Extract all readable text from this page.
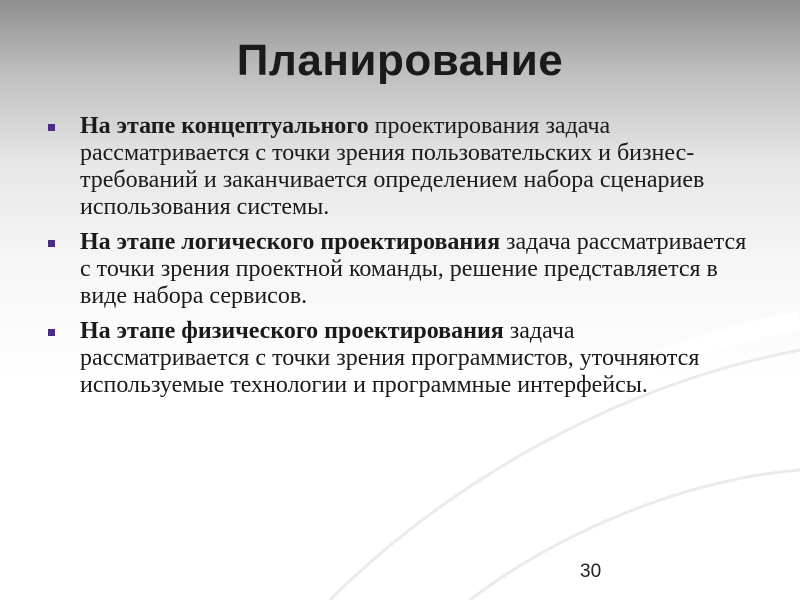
Планирование
На этапе концептуального проектирования задача рассматривается с точки зрения пользовательских и бизнес-требований и заканчивается определением набора сценариев использования системы.
На этапе логического проектирования задача рассматривается с точки зрения проектной команды, решение представляется в виде набора сервисов.
На этапе физического проектирования задача рассматривается с точки зрения программистов, уточняются используемые технологии и программные интерфейсы.
30
